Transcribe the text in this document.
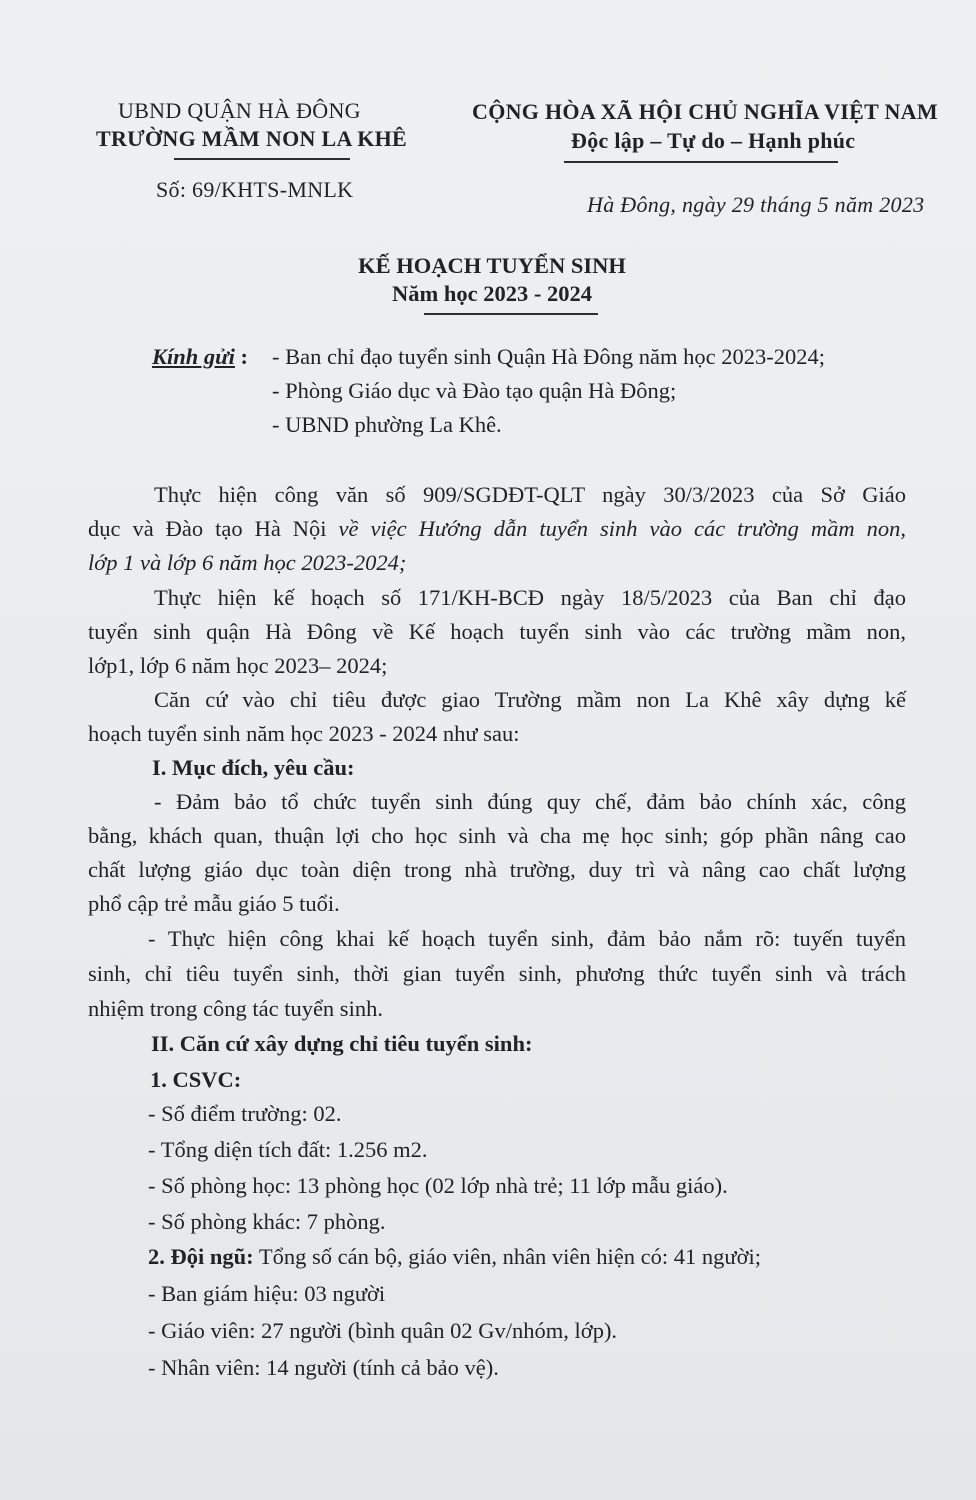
UBND QUẬN HÀ ĐÔNG
TRƯỜNG MẦM NON LA KHÊ
Số: 69/KHTS-MNLK
CỘNG HÒA XÃ HỘI CHỦ NGHĨA VIỆT NAM
Độc lập – Tự do – Hạnh phúc
Hà Đông, ngày 29 tháng 5 năm 2023
KẾ HOẠCH TUYỂN SINH
Năm học 2023 - 2024
Kính gửi : - Ban chỉ đạo tuyển sinh Quận Hà Đông năm học 2023-2024;
- Phòng Giáo dục và Đào tạo quận Hà Đông;
- UBND phường La Khê.
Thực hiện công văn số 909/SGDĐT-QLT ngày 30/3/2023 của Sở Giáo
dục và Đào tạo Hà Nội về việc Hướng dẫn tuyển sinh vào các trường mầm non,
lớp 1 và lớp 6 năm học 2023-2024;
Thực hiện kế hoạch số 171/KH-BCĐ ngày 18/5/2023 của Ban chỉ đạo
tuyển sinh quận Hà Đông về Kế hoạch tuyển sinh vào các trường mầm non,
lớp1, lớp 6 năm học 2023– 2024;
Căn cứ vào chỉ tiêu được giao Trường mầm non La Khê xây dựng kế
hoạch tuyển sinh năm học 2023 - 2024 như sau:
I. Mục đích, yêu cầu:
- Đảm bảo tổ chức tuyển sinh đúng quy chế, đảm bảo chính xác, công
bằng, khách quan, thuận lợi cho học sinh và cha mẹ học sinh; góp phần nâng cao
chất lượng giáo dục toàn diện trong nhà trường, duy trì và nâng cao chất lượng
phổ cập trẻ mẫu giáo 5 tuổi.
- Thực hiện công khai kế hoạch tuyển sinh, đảm bảo nắm rõ: tuyến tuyển
sinh, chỉ tiêu tuyển sinh, thời gian tuyển sinh, phương thức tuyển sinh và trách
nhiệm trong công tác tuyển sinh.
II. Căn cứ xây dựng chỉ tiêu tuyển sinh:
1. CSVC:
- Số điểm trường: 02.
- Tổng diện tích đất: 1.256 m2.
- Số phòng học: 13 phòng học (02 lớp nhà trẻ; 11 lớp mẫu giáo).
- Số phòng khác: 7 phòng.
2. Đội ngũ: Tổng số cán bộ, giáo viên, nhân viên hiện có: 41 người;
- Ban giám hiệu: 03 người
- Giáo viên: 27 người (bình quân 02 Gv/nhóm, lớp).
- Nhân viên: 14 người (tính cả bảo vệ).
